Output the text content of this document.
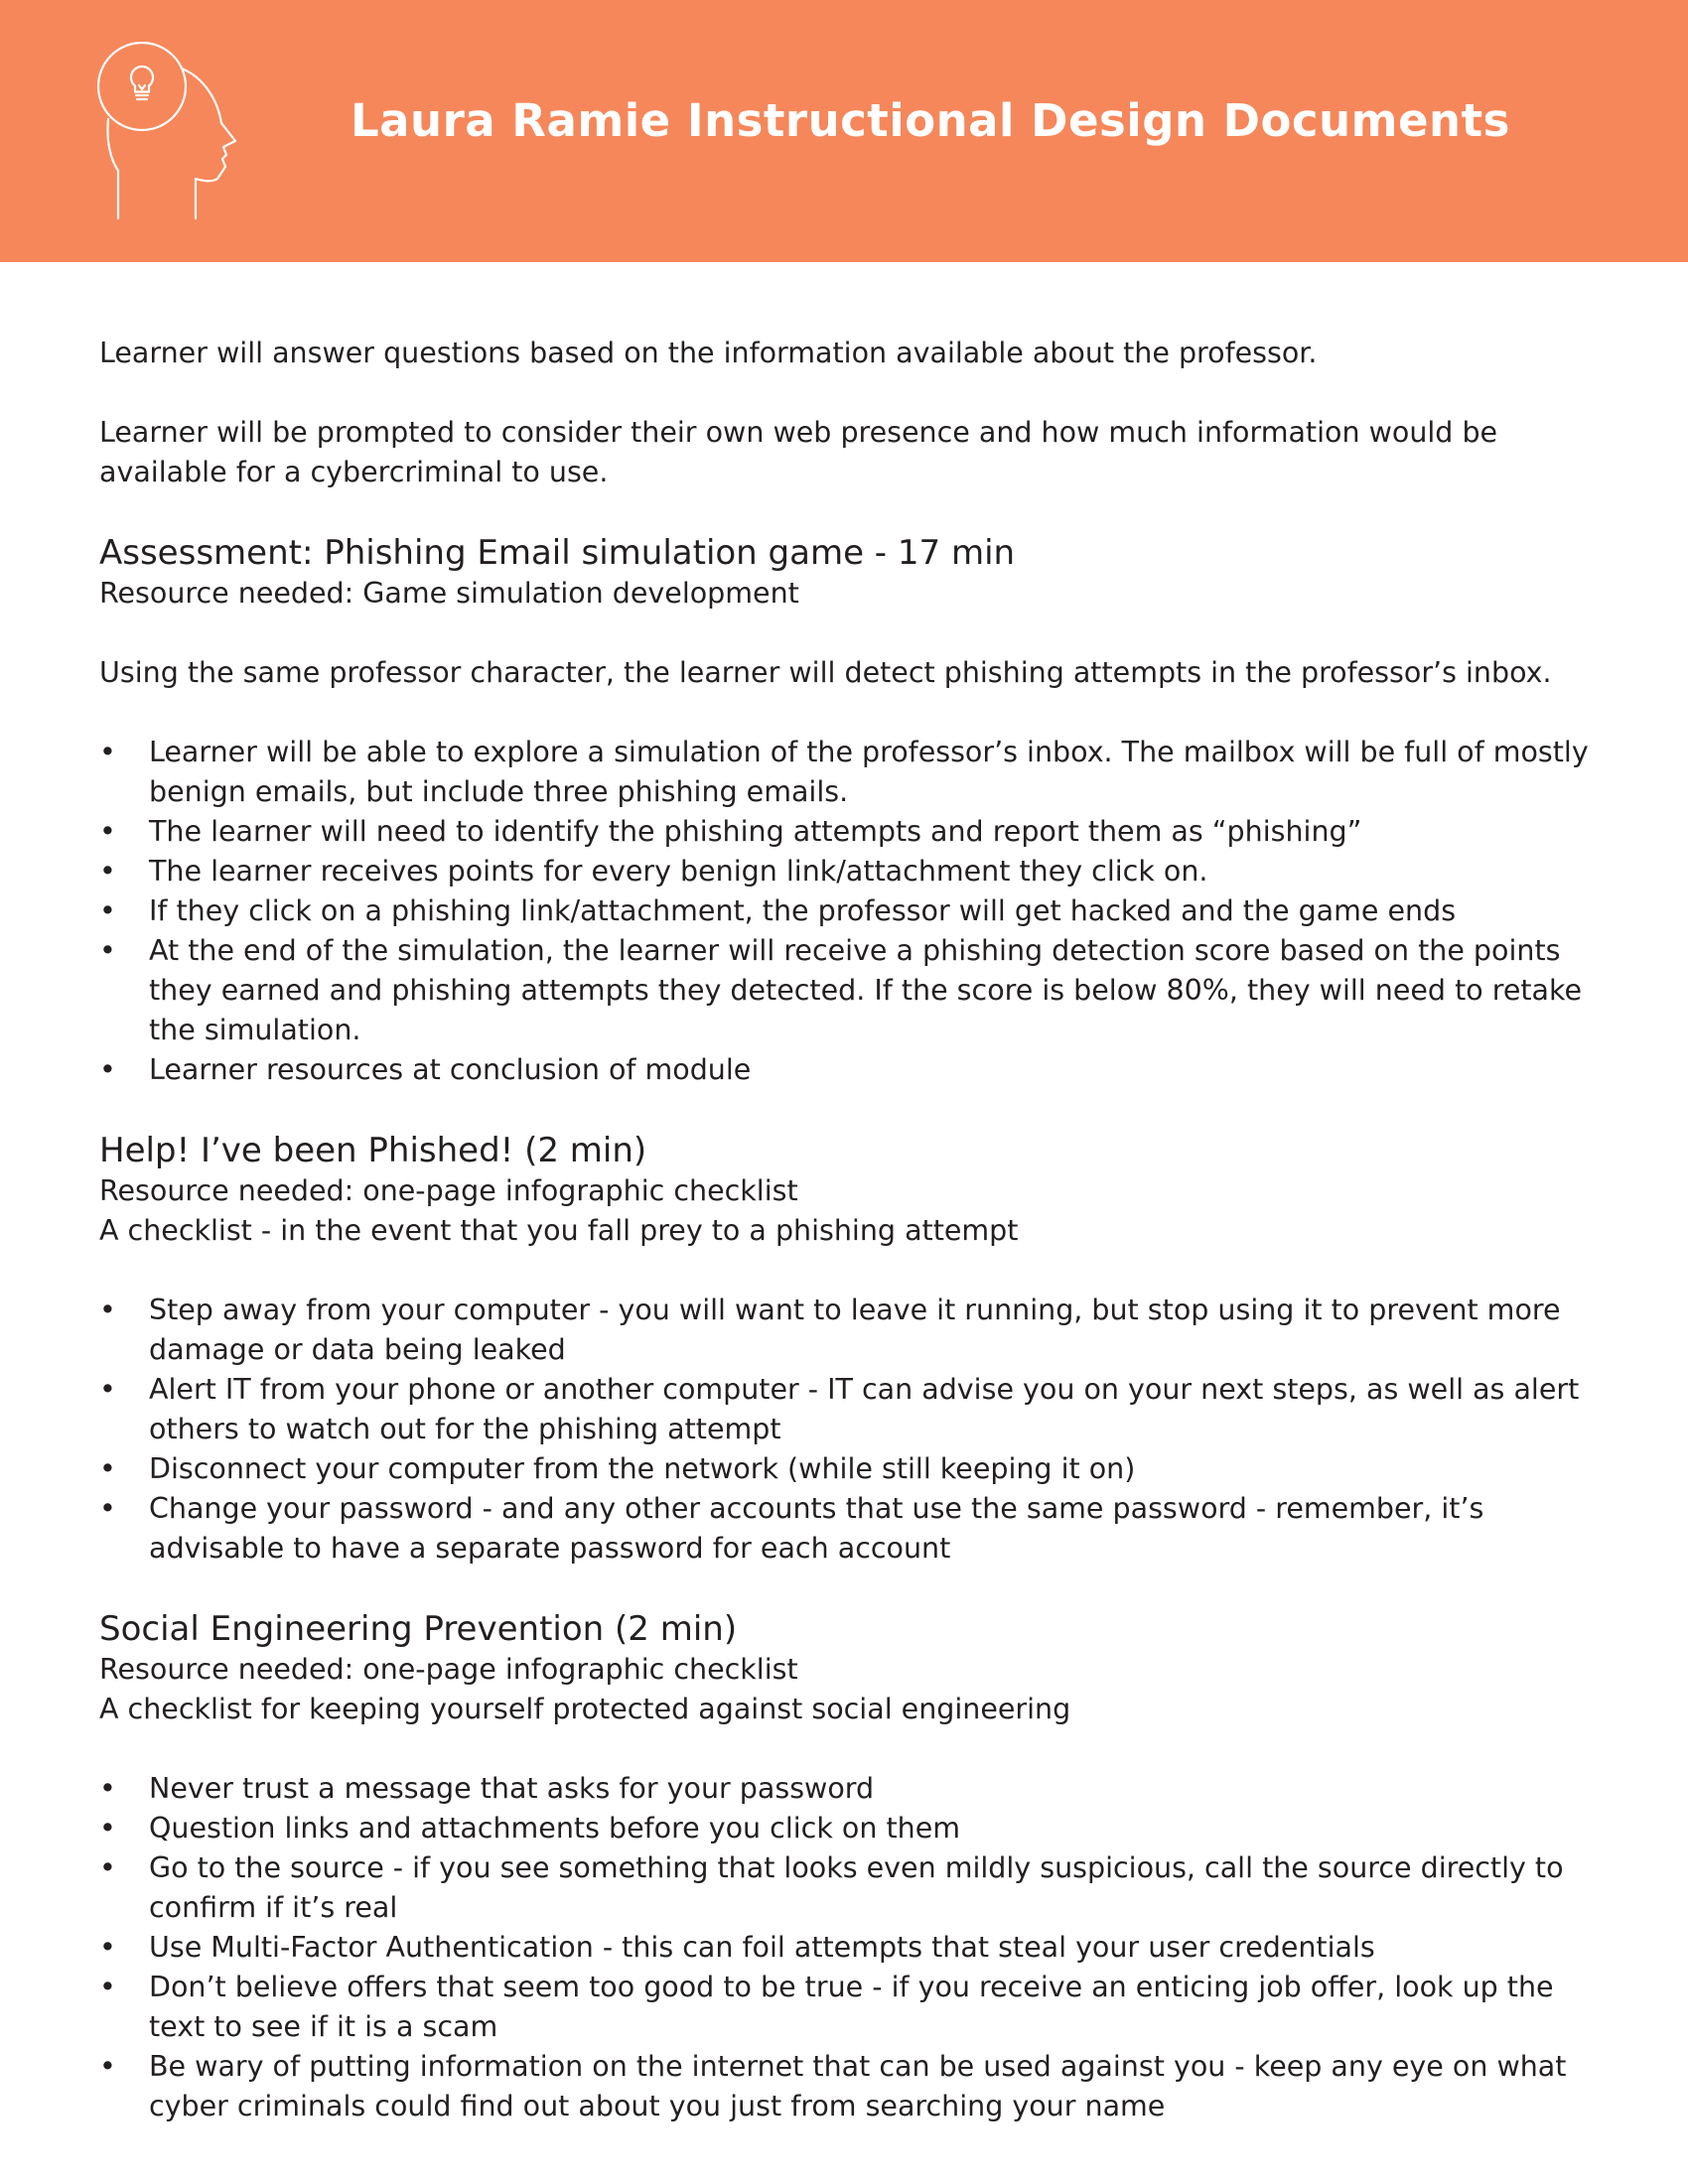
Laura Ramie Instructional Design Documents

Learner will answer questions based on the information available about the professor.

Learner will be prompted to consider their own web presence and how much information would be available for a cybercriminal to use.

Assessment: Phishing Email simulation game - 17 min

Resource needed: Game simulation development

Using the same professor character, the learner will detect phishing attempts in the professor’s inbox.

• Learner will be able to explore a simulation of the professor’s inbox. The mailbox will be full of mostly benign emails, but include three phishing emails.
• The learner will need to identify the phishing attempts and report them as “phishing”
• The learner receives points for every benign link/attachment they click on.
• If they click on a phishing link/attachment, the professor will get hacked and the game ends
• At the end of the simulation, the learner will receive a phishing detection score based on the points they earned and phishing attempts they detected. If the score is below 80%, they will need to retake the simulation.
• Learner resources at conclusion of module
Help! I’ve been Phished! (2 min)

Resource needed: one-page infographic checklist

A checklist - in the event that you fall prey to a phishing attempt

• Step away from your computer - you will want to leave it running, but stop using it to prevent more damage or data being leaked
• Alert IT from your phone or another computer - IT can advise you on your next steps, as well as alert others to watch out for the phishing attempt
• Disconnect your computer from the network (while still keeping it on)
• Change your password - and any other accounts that use the same password - remember, it’s advisable to have a separate password for each account
Social Engineering Prevention (2 min)

Resource needed: one-page infographic checklist

A checklist for keeping yourself protected against social engineering

• Never trust a message that asks for your password
• Question links and attachments before you click on them
• Go to the source - if you see something that looks even mildly suspicious, call the source directly to confirm if it’s real
• Use Multi-Factor Authentication - this can foil attempts that steal your user credentials
• Don’t believe offers that seem too good to be true - if you receive an enticing job offer, look up the text to see if it is a scam
• Be wary of putting information on the internet that can be used against you - keep any eye on what cyber criminals could find out about you just from searching your name
